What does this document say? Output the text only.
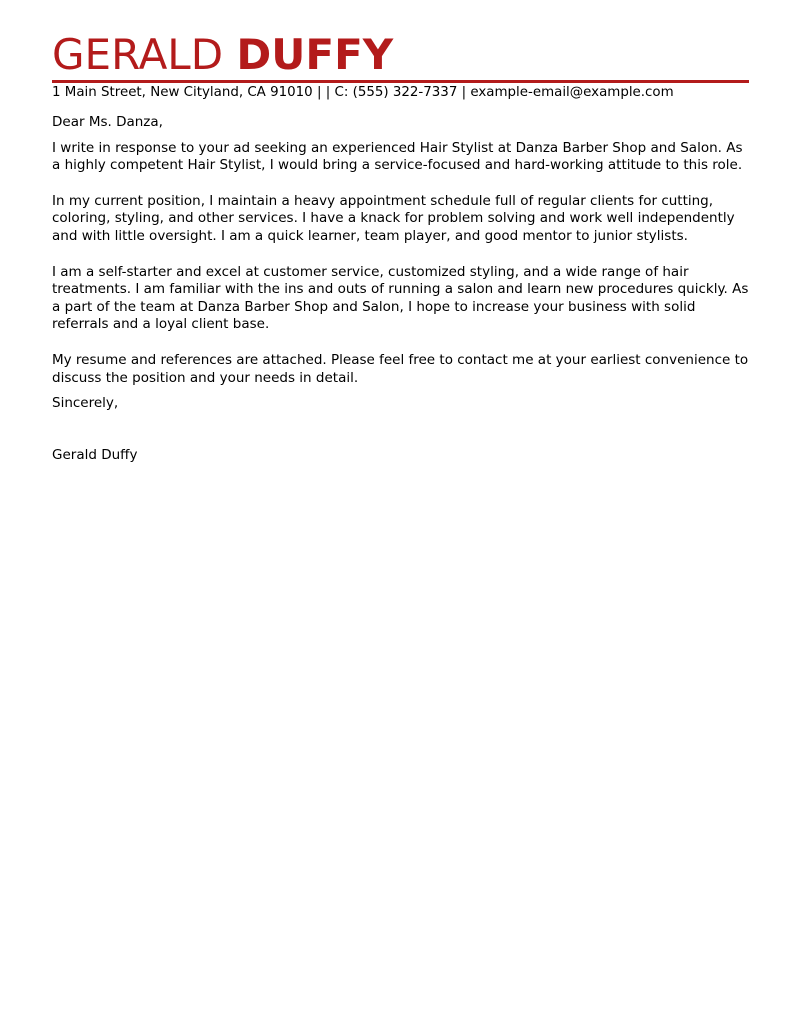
GERALD DUFFY
1 Main Street, New Cityland, CA 91010 | | C: (555) 322-7337 | example-email@example.com

Dear Ms. Danza,

I write in response to your ad seeking an experienced Hair Stylist at Danza Barber Shop and Salon. As a highly competent Hair Stylist, I would bring a service-focused and hard-working attitude to this role.

In my current position, I maintain a heavy appointment schedule full of regular clients for cutting, coloring, styling, and other services. I have a knack for problem solving and work well independently and with little oversight. I am a quick learner, team player, and good mentor to junior stylists.

I am a self-starter and excel at customer service, customized styling, and a wide range of hair treatments. I am familiar with the ins and outs of running a salon and learn new procedures quickly. As a part of the team at Danza Barber Shop and Salon, I hope to increase your business with solid referrals and a loyal client base.

My resume and references are attached. Please feel free to contact me at your earliest convenience to discuss the position and your needs in detail.

Sincerely,

Gerald Duffy
